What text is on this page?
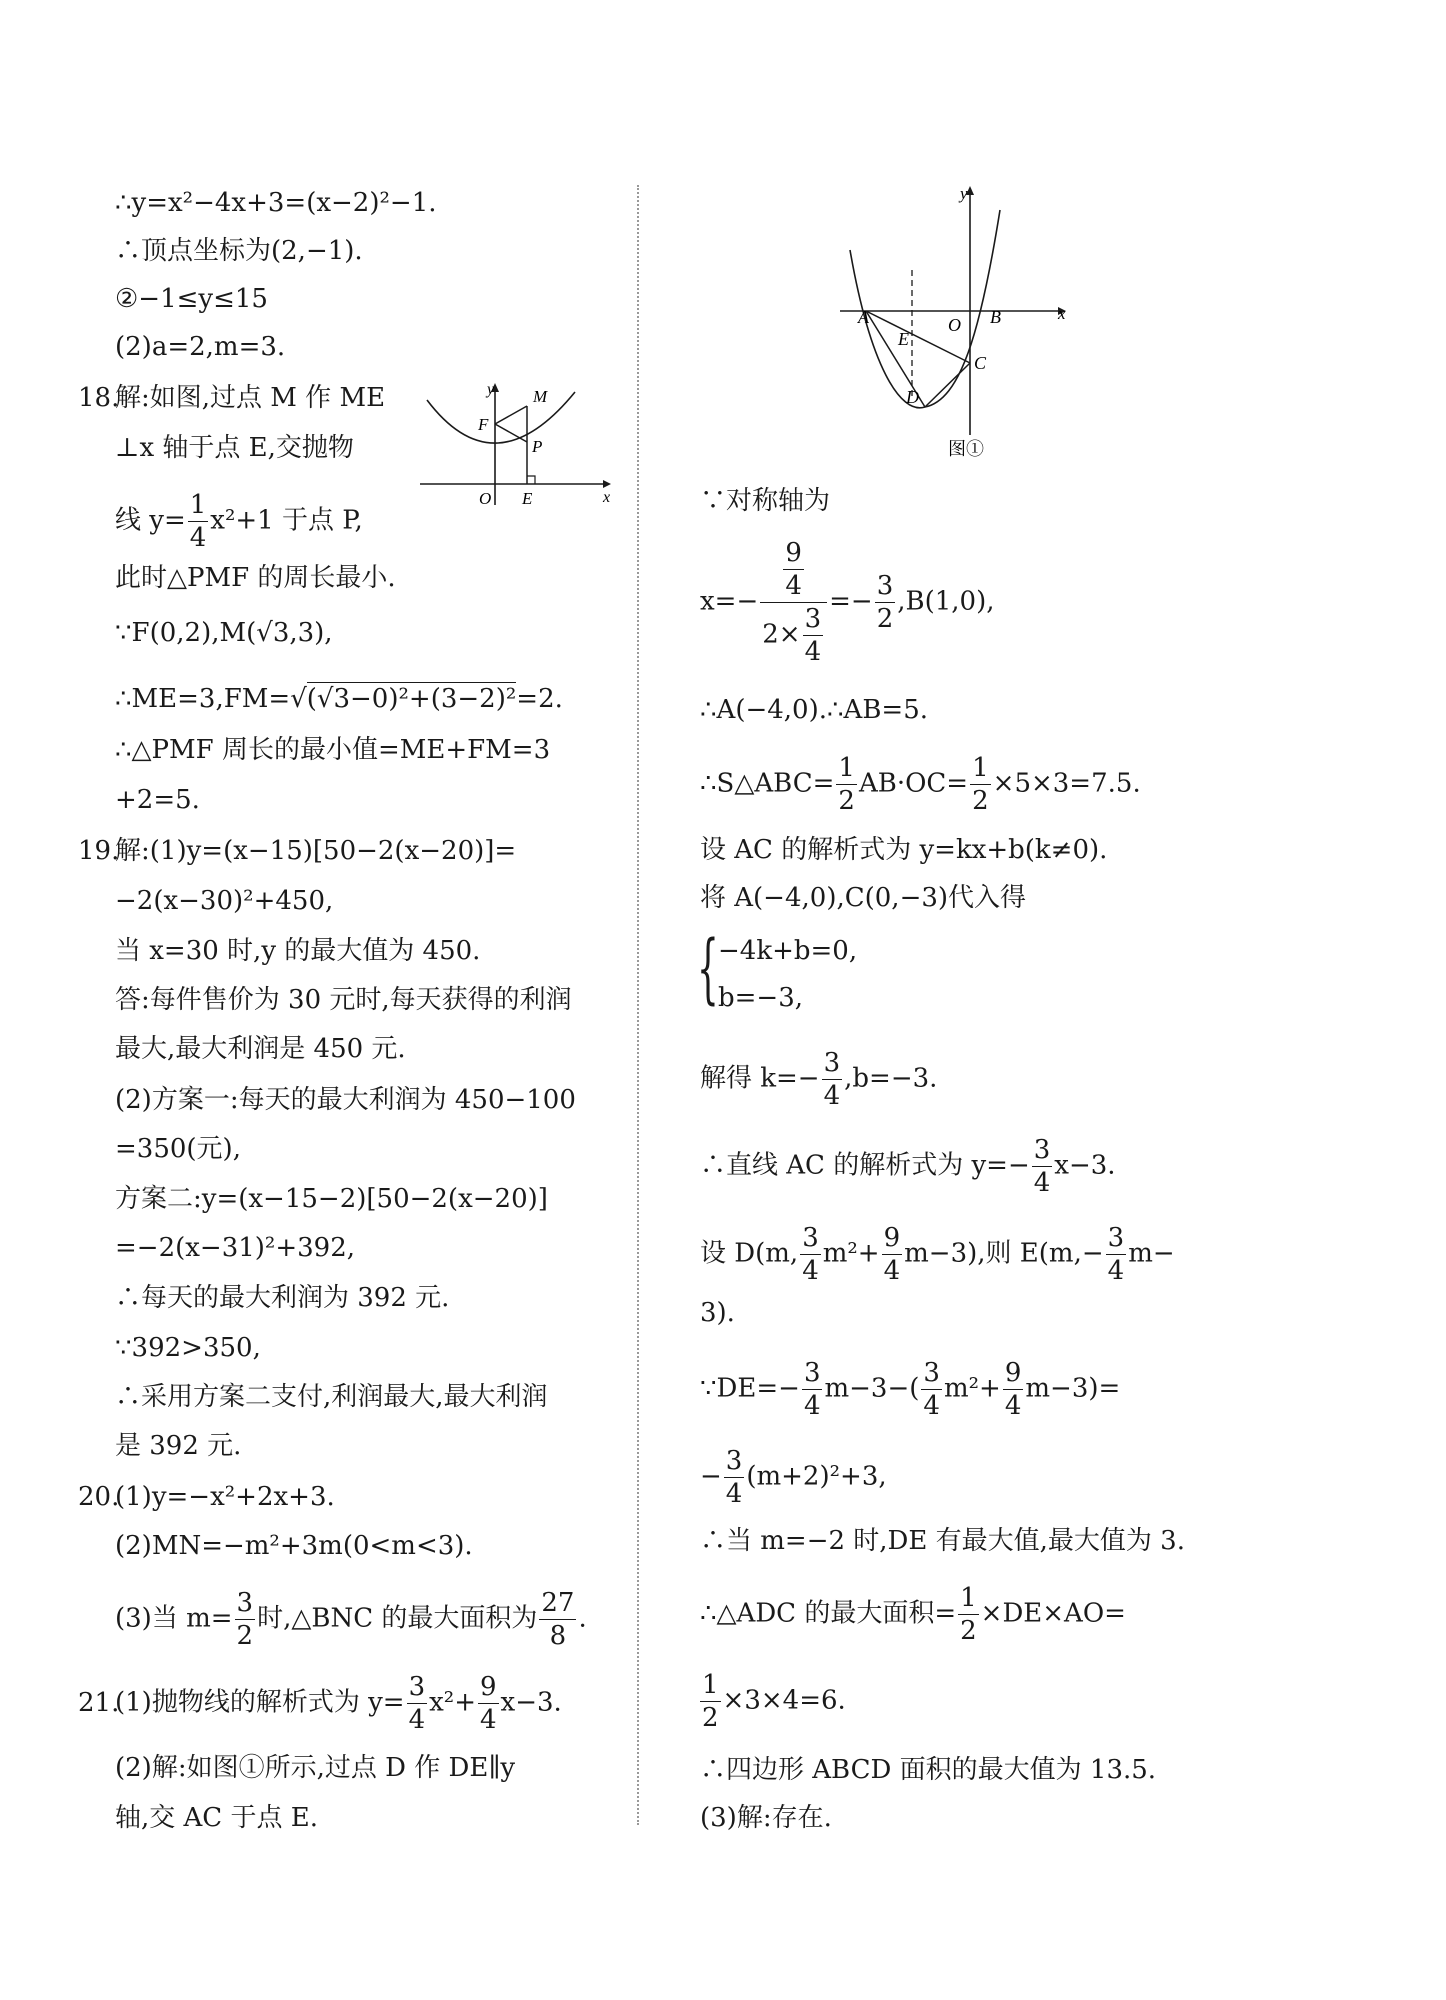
∴y=x²−4x+3=(x−2)²−1.
∴顶点坐标为(2,−1).
②−1≤y≤15
(2)a=2,m=3.
18.
解:如图,过点 M 作 ME
⊥x 轴于点 E,交抛物
线 $y= \frac{1}{4} x^2+1$ 于点 P,
此时△PMF 的周长最小.
∵F(0,2),M(√3,3),
∴ME=3,FM=√(√3−0)²+(3−2)²=2.
∴△PMF 周长的最小值=ME+FM=3
+2=5.
19.
解:(1)y=(x−15)[50−2(x−20)]=
−2(x−30)²+450,
当 x=30 时,y 的最大值为 450.
答:每件售价为 30 元时,每天获得的利润
最大,最大利润是 450 元.
(2)方案一:每天的最大利润为 450−100
=350(元),
方案二:y=(x−15−2)[50−2(x−20)]
=−2(x−31)²+392,
∴每天的最大利润为 392 元.
∵392>350,
∴采用方案二支付,利润最大,最大利润
是 392 元.
20.
(1)y=−x²+2x+3.
(2)MN=−m²+3m(0<m<3).
(3)当 $m= \frac{3}{2}$ 时,△BNC 的最大面积为 $\frac{27}{8}$ .
21.
(1)抛物线的解析式为 $y= \frac{3}{4} x^2+ \frac{9}{4} x-3$.
(2)解:如图①所示,过点 D 作 DE∥y
轴,交 AC 于点 E.
y
x
M
F
P
O E
y
x
A	B
O
E
C
D
图①
∵对称轴为
$x=- \frac{\frac{9}{4}}{2\times \frac{3}{4}} =- \frac{3}{2} ,B(1,0)$,
∴A(−4,0).∴AB=5.
∴S△ABC= $\frac{1}{2} AB\cdot OC= \frac{1}{2} \times 5\times 3=7.5$.
设 AC 的解析式为 y=kx+b(k≠0).
将 A(−4,0),C(0,−3)代入得
{ −4k+b=0,
b=−3,
解得 $k=- \frac{3}{4} ,b=-3$.
∴直线 AC 的解析式为 $y=- \frac{3}{4} x-3$.
设 D(m, $\frac{3}{4} m^2+ \frac{9}{4} m-3$),则 $E(m,- \frac{3}{4} m-$
3).
∵DE=− $\frac{3}{4} m-3-( \frac{3}{4} m^2+ \frac{9}{4} m-3)=$
− $\frac{3}{4} (m+2)^2+3$,
∴当 m=−2 时,DE 有最大值,最大值为 3.
∴△ADC 的最大面积= $\frac{1}{2} \times DE\times AO=$
$\frac{1}{2} \times 3\times 4=6$.
∴四边形 ABCD 面积的最大值为 13.5.
(3)解:存在.
